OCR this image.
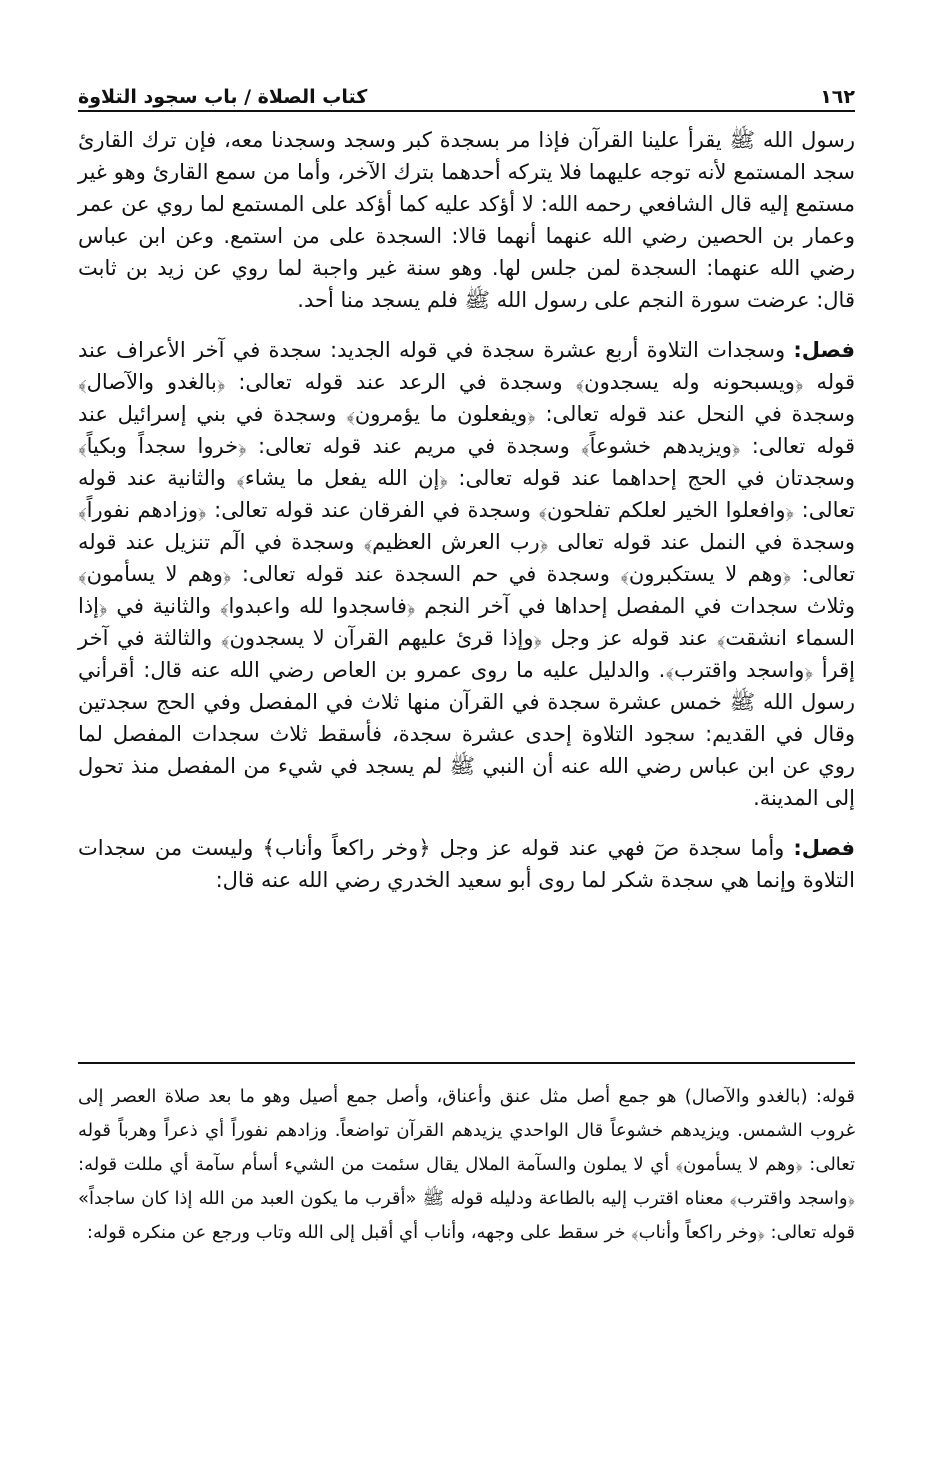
١٦٢
كتاب الصلاة / باب سجود التلاوة

رسول الله ﷺ يقرأ علينا القرآن فإذا مر بسجدة كبر وسجد وسجدنا معه، فإن ترك القارئ سجد المستمع لأنه توجه عليهما فلا يتركه أحدهما بترك الآخر، وأما من سمع القارئ وهو غير مستمع إليه قال الشافعي رحمه الله: لا أؤكد عليه كما أؤكد على المستمع لما روي عن عمر وعمار بن الحصين رضي الله عنهما أنهما قالا: السجدة على من استمع. وعن ابن عباس رضي الله عنهما: السجدة لمن جلس لها. وهو سنة غير واجبة لما روي عن زيد بن ثابت قال: عرضت سورة النجم على رسول الله ﷺ فلم يسجد منا أحد.

فصل: وسجدات التلاوة أربع عشرة سجدة في قوله الجديد: سجدة في آخر الأعراف عند قوله ﴿ويسبحونه وله يسجدون﴾ وسجدة في الرعد عند قوله تعالى: ﴿بالغدو والآصال﴾ وسجدة في النحل عند قوله تعالى: ﴿ويفعلون ما يؤمرون﴾ وسجدة في بني إسرائيل عند قوله تعالى: ﴿ويزيدهم خشوعاً﴾ وسجدة في مريم عند قوله تعالى: ﴿خروا سجداً وبكياً﴾ وسجدتان في الحج إحداهما عند قوله تعالى: ﴿إن الله يفعل ما يشاء﴾ والثانية عند قوله تعالى: ﴿وافعلوا الخير لعلكم تفلحون﴾ وسجدة في الفرقان عند قوله تعالى: ﴿وزادهم نفوراً﴾ وسجدة في النمل عند قوله تعالى ﴿رب العرش العظيم﴾ وسجدة في الٓم تنزيل عند قوله تعالى: ﴿وهم لا يستكبرون﴾ وسجدة في حم السجدة عند قوله تعالى: ﴿وهم لا يسأمون﴾ وثلاث سجدات في المفصل إحداها في آخر النجم ﴿فاسجدوا لله واعبدوا﴾ والثانية في ﴿إذا السماء انشقت﴾ عند قوله عز وجل ﴿وإذا قرئ عليهم القرآن لا يسجدون﴾ والثالثة في آخر إقرأ ﴿واسجد واقترب﴾. والدليل عليه ما روى عمرو بن العاص رضي الله عنه قال: أقرأني رسول الله ﷺ خمس عشرة سجدة في القرآن منها ثلاث في المفصل وفي الحج سجدتين وقال في القديم: سجود التلاوة إحدى عشرة سجدة، فأسقط ثلاث سجدات المفصل لما روي عن ابن عباس رضي الله عنه أن النبي ﷺ لم يسجد في شيء من المفصل منذ تحول إلى المدينة.

فصل: وأما سجدة صٓ فهي عند قوله عز وجل ﴿وخر راكعاً وأناب﴾ وليست من سجدات التلاوة وإنما هي سجدة شكر لما روى أبو سعيد الخدري رضي الله عنه قال:

قوله: (بالغدو والآصال) هو جمع أصل مثل عنق وأعناق، وأصل جمع أصيل وهو ما بعد صلاة العصر إلى غروب الشمس. ويزيدهم خشوعاً قال الواحدي يزيدهم القرآن تواضعاً. وزادهم نفوراً أي ذعراً وهرباً قوله تعالى: ﴿وهم لا يسأمون﴾ أي لا يملون والسآمة الملال يقال سئمت من الشيء أسأم سآمة أي مللت قوله: ﴿واسجد واقترب﴾ معناه اقترب إليه بالطاعة ودليله قوله ﷺ «أقرب ما يكون العبد من الله إذا كان ساجداً» قوله تعالى: ﴿وخر راكعاً وأناب﴾ خر سقط على وجهه، وأناب أي أقبل إلى الله وتاب ورجع عن منكره قوله:
